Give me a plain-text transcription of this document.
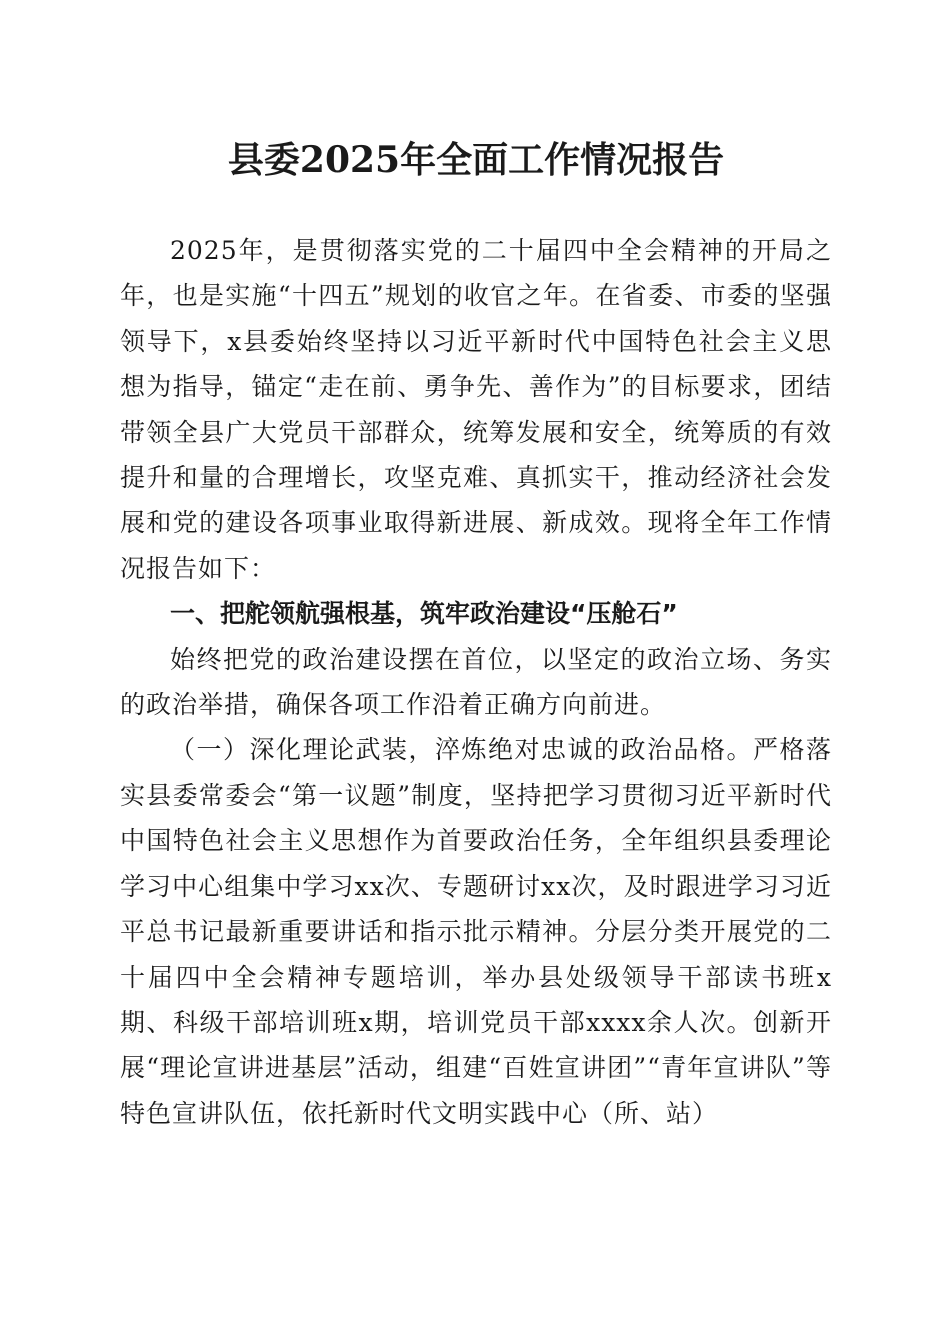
县委2025年全面工作情况报告

2025年，是贯彻落实党的二十届四中全会精神的开局之年，也是实施“十四五”规划的收官之年。在省委、市委的坚强领导下，x县委始终坚持以习近平新时代中国特色社会主义思想为指导，锚定“走在前、勇争先、善作为”的目标要求，团结带领全县广大党员干部群众，统筹发展和安全，统筹质的有效提升和量的合理增长，攻坚克难、真抓实干，推动经济社会发展和党的建设各项事业取得新进展、新成效。现将全年工作情况报告如下：

一、把舵领航强根基，筑牢政治建设“压舱石”

始终把党的政治建设摆在首位，以坚定的政治立场、务实的政治举措，确保各项工作沿着正确方向前进。

（一）深化理论武装，淬炼绝对忠诚的政治品格。严格落实县委常委会“第一议题”制度，坚持把学习贯彻习近平新时代中国特色社会主义思想作为首要政治任务，全年组织县委理论学习中心组集中学习xx次、专题研讨xx次，及时跟进学习习近平总书记最新重要讲话和指示批示精神。分层分类开展党的二十届四中全会精神专题培训，举办县处级领导干部读书班x期、科级干部培训班x期，培训党员干部xxxx余人次。创新开展“理论宣讲进基层”活动，组建“百姓宣讲团”“青年宣讲队”等特色宣讲队伍，依托新时代文明实践中心（所、站）
